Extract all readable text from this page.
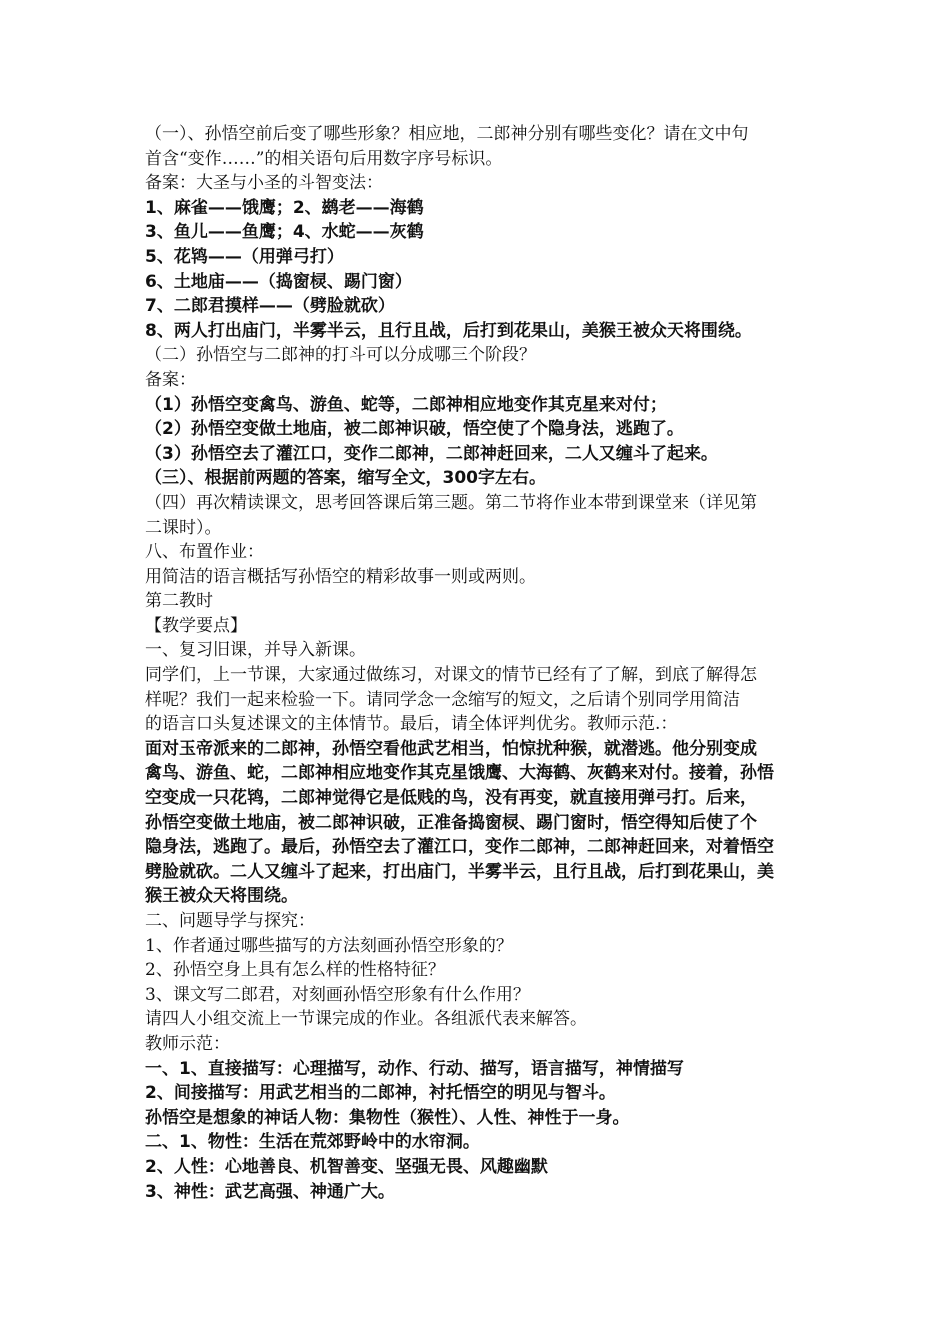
（一）、孙悟空前后变了哪些形象？相应地，二郎神分别有哪些变化？请在文中句
首含“变作……”的相关语句后用数字序号标识。
备案：大圣与小圣的斗智变法：
1、麻雀——饿鹰；2、鹚老——海鹤
3、鱼儿——鱼鹰；4、水蛇——灰鹤
5、花鸨——（用弹弓打）
6、土地庙——（捣窗棂、踢门窗）
7、二郎君摸样——（劈脸就砍）
8、两人打出庙门，半雾半云，且行且战，后打到花果山，美猴王被众天将围绕。
（二）孙悟空与二郎神的打斗可以分成哪三个阶段？
备案：
（1）孙悟空变禽鸟、游鱼、蛇等，二郎神相应地变作其克星来对付；
（2）孙悟空变做土地庙，被二郎神识破，悟空使了个隐身法，逃跑了。
（3）孙悟空去了灌江口，变作二郎神，二郎神赶回来，二人又缠斗了起来。
（三）、根据前两题的答案，缩写全文，300字左右。
（四）再次精读课文，思考回答课后第三题。第二节将作业本带到课堂来（详见第
二课时）。
八、布置作业：
用简洁的语言概括写孙悟空的精彩故事一则或两则。
第二教时
【教学要点】
一、复习旧课，并导入新课。
同学们，上一节课，大家通过做练习，对课文的情节已经有了了解，到底了解得怎
样呢？我们一起来检验一下。请同学念一念缩写的短文，之后请个别同学用简洁
的语言口头复述课文的主体情节。最后，请全体评判优劣。教师示范.：
面对玉帝派来的二郎神，孙悟空看他武艺相当，怕惊扰种猴，就潜逃。他分别变成
禽鸟、游鱼、蛇，二郎神相应地变作其克星饿鹰、大海鹤、灰鹤来对付。接着，孙悟
空变成一只花鸨，二郎神觉得它是低贱的鸟，没有再变，就直接用弹弓打。后来，
孙悟空变做土地庙，被二郎神识破，正准备捣窗棂、踢门窗时，悟空得知后使了个
隐身法，逃跑了。最后，孙悟空去了灌江口，变作二郎神，二郎神赶回来，对着悟空
劈脸就砍。二人又缠斗了起来，打出庙门，半雾半云，且行且战，后打到花果山，美
猴王被众天将围绕。
二、问题导学与探究：
1、作者通过哪些描写的方法刻画孙悟空形象的？
2、孙悟空身上具有怎么样的性格特征？
3、课文写二郎君，对刻画孙悟空形象有什么作用？
请四人小组交流上一节课完成的作业。各组派代表来解答。
教师示范：
一、1、直接描写：心理描写，动作、行动、描写，语言描写，神情描写
2、间接描写：用武艺相当的二郎神，衬托悟空的明见与智斗。
孙悟空是想象的神话人物：集物性（猴性）、人性、神性于一身。
二、1、物性：生活在荒郊野岭中的水帘洞。
2、人性：心地善良、机智善变、坚强无畏、风趣幽默
3、神性：武艺高强、神通广大。
